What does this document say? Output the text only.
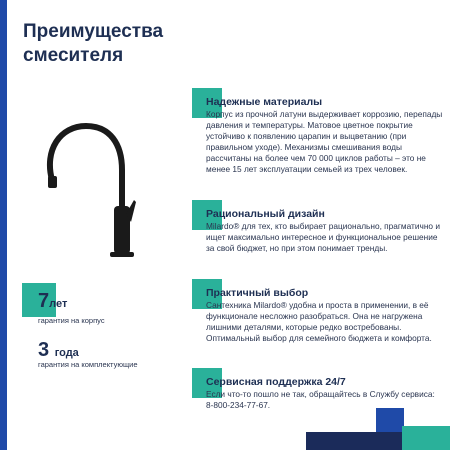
Преимущества смесителя
7лет
гарантия на корпус
3 года
гарантия на комплектующие
Надежные материалы

Корпус из прочной латуни выдерживает коррозию, перепады давления и температуры. Матовое цветное покрытие устойчиво к появлению царапин и выцветанию (при правильном уходе). Механизмы смешивания воды рассчитаны на более чем 70 000 циклов работы – это не менее 15 лет эксплуатации семьей из трех человек.

Рациональный дизайн

Milardo® для тех, кто выбирает рационально, прагматично и ищет максимально интересное и функциональное решение за свой бюджет, но при этом понимает тренды.

Практичный выбор

Сантехника Milardo® удобна и проста в применении, в её функционале несложно разобраться. Она не нагружена лишними деталями, которые редко востребованы. Оптимальный выбор для семейного бюджета и комфорта.

Сервисная поддержка 24/7

Если что-то пошло не так, обращайтесь в Службу сервиса: 8-800-234-77-67.
